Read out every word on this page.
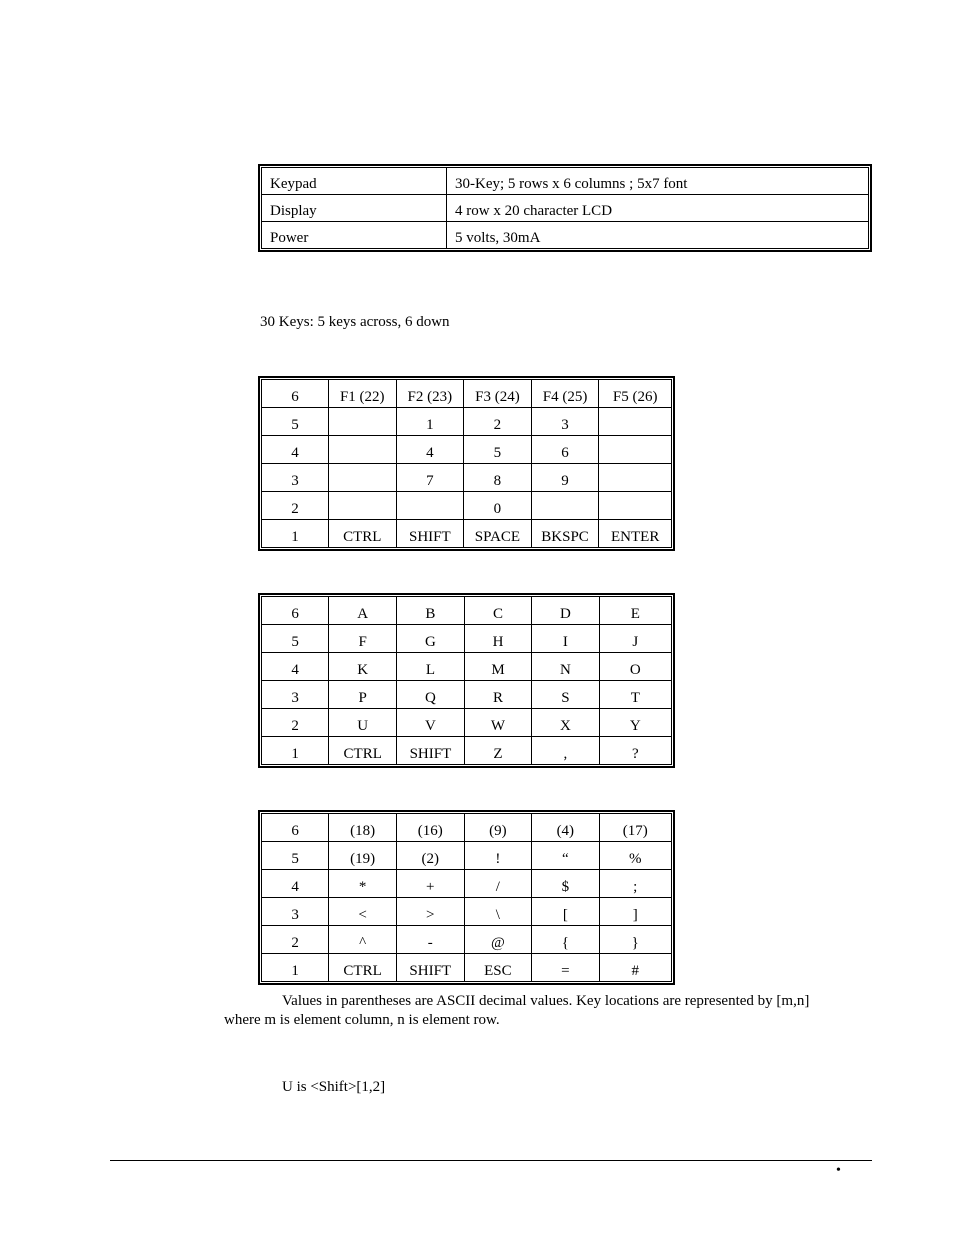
Keypad	30-Key; 5 rows x 6 columns ; 5x7 font
Display	4 row x 20 character LCD
Power	5 volts, 30mA
30 Keys: 5 keys across, 6 down
6	F1 (22)	F2 (23)	F3 (24)	F4 (25)	F5 (26)
5		1	2	3	
4		4	5	6	
3		7	8	9	
2			0		
1	CTRL	SHIFT	SPACE	BKSPC	ENTER
6	A	B	C	D	E
5	F	G	H	I	J
4	K	L	M	N	O
3	P	Q	R	S	T
2	U	V	W	X	Y
1	CTRL	SHIFT	Z	,	?
6	(18)	(16)	(9)	(4)	(17)
5	(19)	(2)	!	“	%
4	*	+	/	$	;
3	<	>	\	[	]
2	^	-	@	{	}
1	CTRL	SHIFT	ESC	=	#
Values in parentheses are ASCII decimal values. Key locations are represented by [m,n]
where m is element column, n is element row.
U is <Shift>[1,2]
•
